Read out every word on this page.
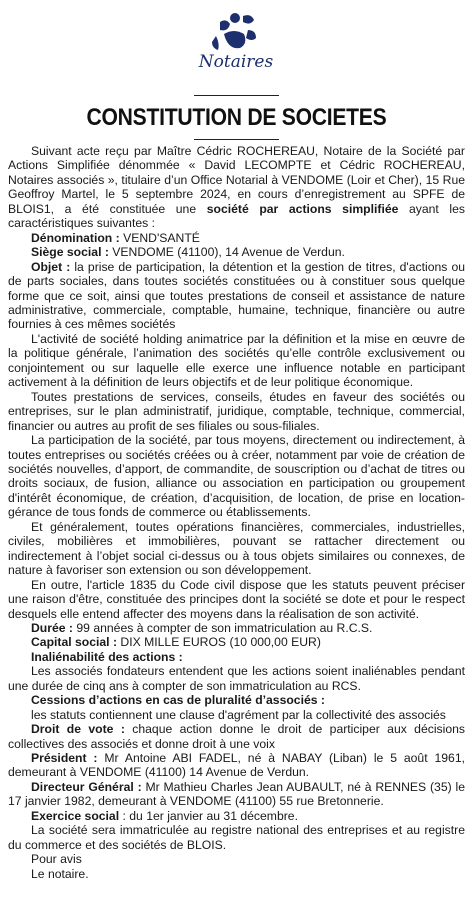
Notaires
CONSTITUTION DE SOCIETES

Suivant acte reçu par Maître Cédric ROCHEREAU, Notaire de la Société par Actions Simplifiée dénommée « David LECOMPTE et Cédric ROCHEREAU, Notaires associés », titulaire d’un Office Notarial à VENDOME (Loir et Cher), 15 Rue Geoffroy Martel, le 5 septembre 2024, en cours d’enregistrement au SPFE de BLOIS1, a été constituée une société par actions simplifiée ayant les caractéristiques suivantes :

Dénomination : VEND'SANTÉ

Siège social : VENDOME (41100), 14 Avenue de Verdun.

Objet : la prise de participation, la détention et la gestion de titres, d'actions ou de parts sociales, dans toutes sociétés constituées ou à constituer sous quelque forme que ce soit, ainsi que toutes prestations de conseil et assistance de nature administrative, commerciale, comptable, humaine, technique, financière ou autre fournies à ces mêmes sociétés

L'activité de société holding animatrice par la définition et la mise en œuvre de la politique générale, l’animation des sociétés qu’elle contrôle exclusivement ou conjointement ou sur laquelle elle exerce une influence notable en participant activement à la définition de leurs objectifs et de leur politique économique.

Toutes prestations de services, conseils, études en faveur des sociétés ou entreprises, sur le plan administratif, juridique, comptable, technique, commercial, financier ou autres au profit de ses filiales ou sous-filiales.

La participation de la société, par tous moyens, directement ou indirectement, à toutes entreprises ou sociétés créées ou à créer, notamment par voie de création de sociétés nouvelles, d’apport, de commandite, de souscription ou d’achat de titres ou droits sociaux, de fusion, alliance ou association en participation ou groupement d'intérêt économique, de création, d’acquisition, de location, de prise en location-gérance de tous fonds de commerce ou établissements.

Et généralement, toutes opérations financières, commerciales, industrielles, civiles, mobilières et immobilières, pouvant se rattacher directement ou indirectement à l’objet social ci-dessus ou à tous objets similaires ou connexes, de nature à favoriser son extension ou son développement.

En outre, l'article 1835 du Code civil dispose que les statuts peuvent préciser une raison d'être, constituée des principes dont la société se dote et pour le respect desquels elle entend affecter des moyens dans la réalisation de son activité.

Durée : 99 années à compter de son immatriculation au R.C.S.

Capital social : DIX MILLE EUROS (10 000,00 EUR)

Inaliénabilité des actions :

Les associés fondateurs entendent que les actions soient inaliénables pendant une durée de cinq ans à compter de son immatriculation au RCS.

Cessions d’actions en cas de pluralité d’associés :

les statuts contiennent une clause d'agrément par la collectivité des associés

Droit de vote : chaque action donne le droit de participer aux décisions collectives des associés et donne droit à une voix

Président : Mr Antoine ABI FADEL, né à NABAY (Liban) le 5 août 1961, demeurant à VENDOME (41100) 14 Avenue de Verdun.

Directeur Général : Mr Mathieu Charles Jean AUBAULT, né à RENNES (35) le 17 janvier 1982, demeurant à VENDOME (41100) 55 rue Bretonnerie.

Exercice social : du 1er janvier au 31 décembre.

La société sera immatriculée au registre national des entreprises et au registre du commerce et des sociétés de BLOIS.

Pour avis

Le notaire.
